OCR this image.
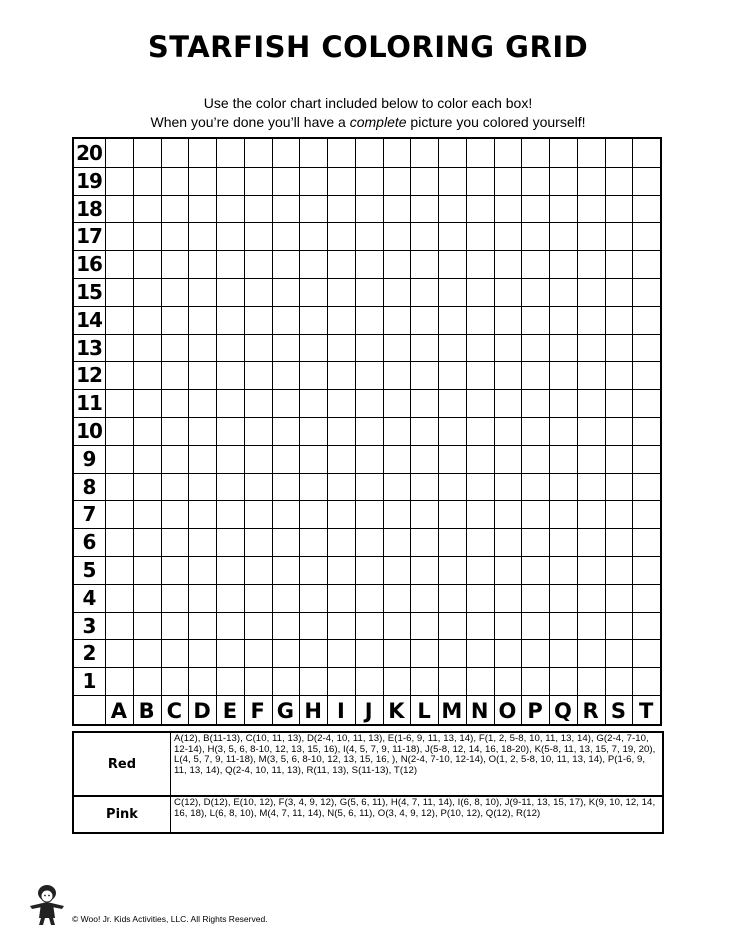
STARFISH COLORING GRID
Use the color chart included below to color each box!
When you’re done you’ll have a complete picture you colored yourself!
20
19
18
17
16
15
14
13
12
11
10
9
8
7
6
5
4
3
2
1
A B C D E F G H I J K L M N O P Q R S T
Red
A(12), B(11-13), C(10, 11, 13), D(2-4, 10, 11, 13), E(1-6, 9, 11, 13, 14), F(1, 2, 5-8, 10, 11, 13, 14), G(2-4, 7-10, 12-14), H(3, 5, 6, 8-10, 12, 13, 15, 16), I(4, 5, 7, 9, 11-18), J(5-8, 12, 14, 16, 18-20), K(5-8, 11, 13, 15, 7, 19, 20), L(4, 5, 7, 9, 11-18), M(3, 5, 6, 8-10, 12, 13, 15, 16, ), N(2-4, 7-10, 12-14), O(1, 2, 5-8, 10, 11, 13, 14), P(1-6, 9, 11, 13, 14), Q(2-4, 10, 11, 13), R(11, 13), S(11-13), T(12)
Pink
C(12), D(12), E(10, 12), F(3, 4, 9, 12), G(5, 6, 11), H(4, 7, 11, 14), I(6, 8, 10), J(9-11, 13, 15, 17), K(9, 10, 12, 14, 16, 18), L(6, 8, 10), M(4, 7, 11, 14), N(5, 6, 11), O(3, 4, 9, 12), P(10, 12), Q(12), R(12)
© Woo! Jr. Kids Activities, LLC. All Rights Reserved.
